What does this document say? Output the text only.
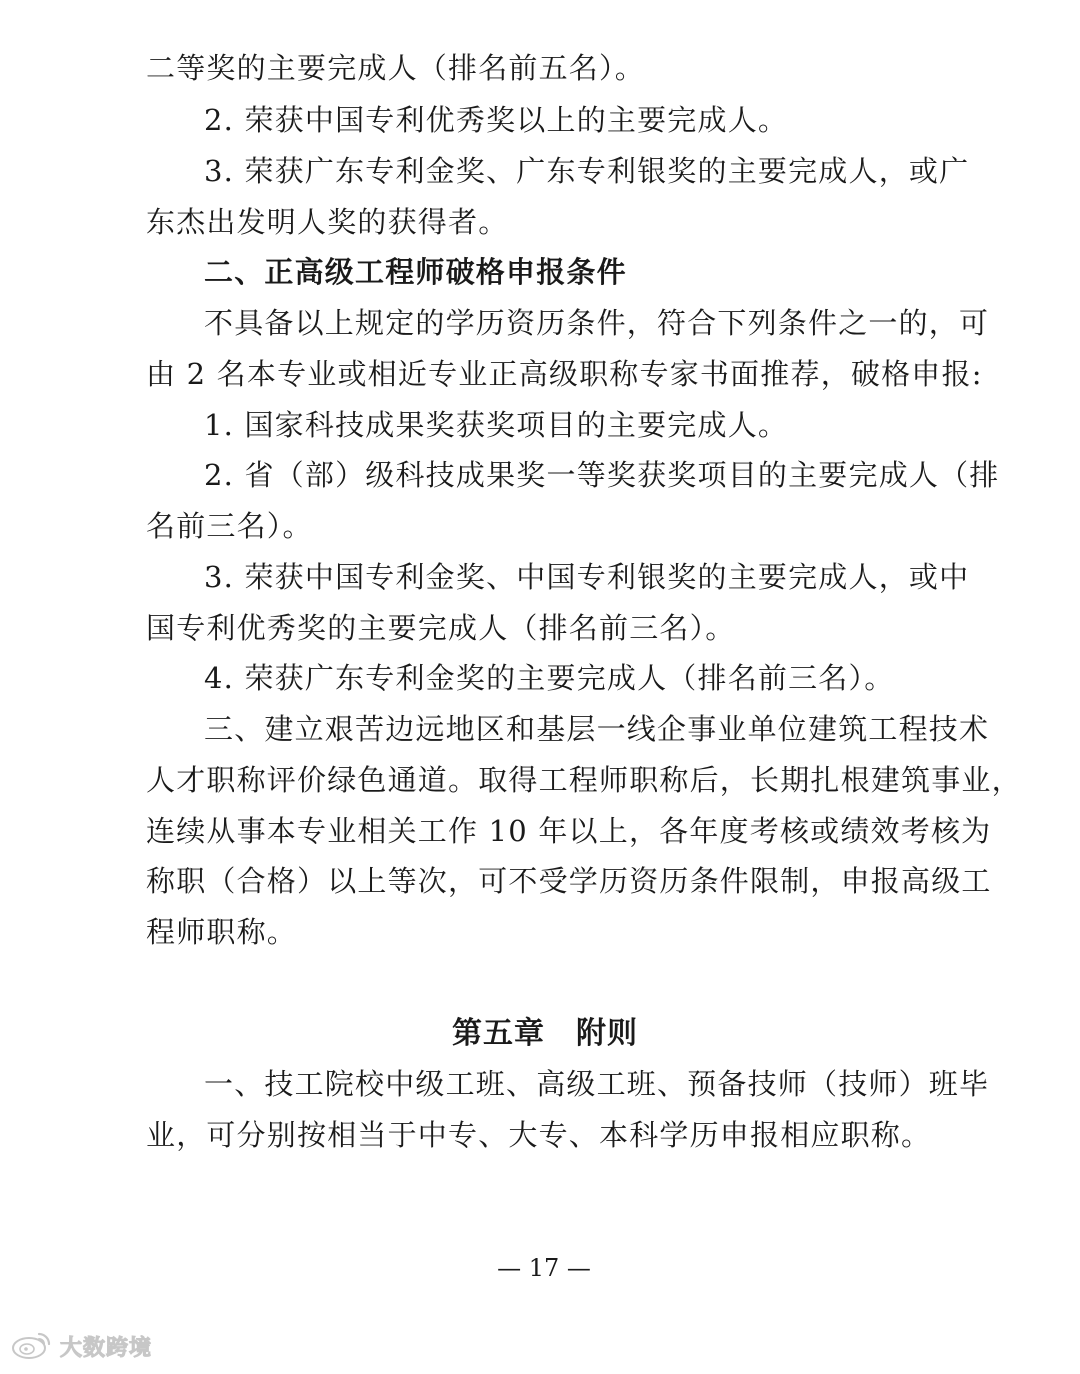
二等奖的主要完成人（排名前五名）。
2. 荣获中国专利优秀奖以上的主要完成人。
3. 荣获广东专利金奖、广东专利银奖的主要完成人，或广
东杰出发明人奖的获得者。
二、正高级工程师破格申报条件
不具备以上规定的学历资历条件，符合下列条件之一的，可
由 2 名本专业或相近专业正高级职称专家书面推荐，破格申报:
1. 国家科技成果奖获奖项目的主要完成人。
2. 省（部）级科技成果奖一等奖获奖项目的主要完成人（排
名前三名）。
3. 荣获中国专利金奖、中国专利银奖的主要完成人，或中
国专利优秀奖的主要完成人（排名前三名）。
4. 荣获广东专利金奖的主要完成人（排名前三名）。
三、建立艰苦边远地区和基层一线企事业单位建筑工程技术
人才职称评价绿色通道。取得工程师职称后，长期扎根建筑事业，
连续从事本专业相关工作 10 年以上，各年度考核或绩效考核为
称职（合格）以上等次，可不受学历资历条件限制，申报高级工
程师职称。
第五章　附则
一、技工院校中级工班、高级工班、预备技师（技师）班毕
业，可分别按相当于中专、大专、本科学历申报相应职称。
— 17 —
大数跨境
